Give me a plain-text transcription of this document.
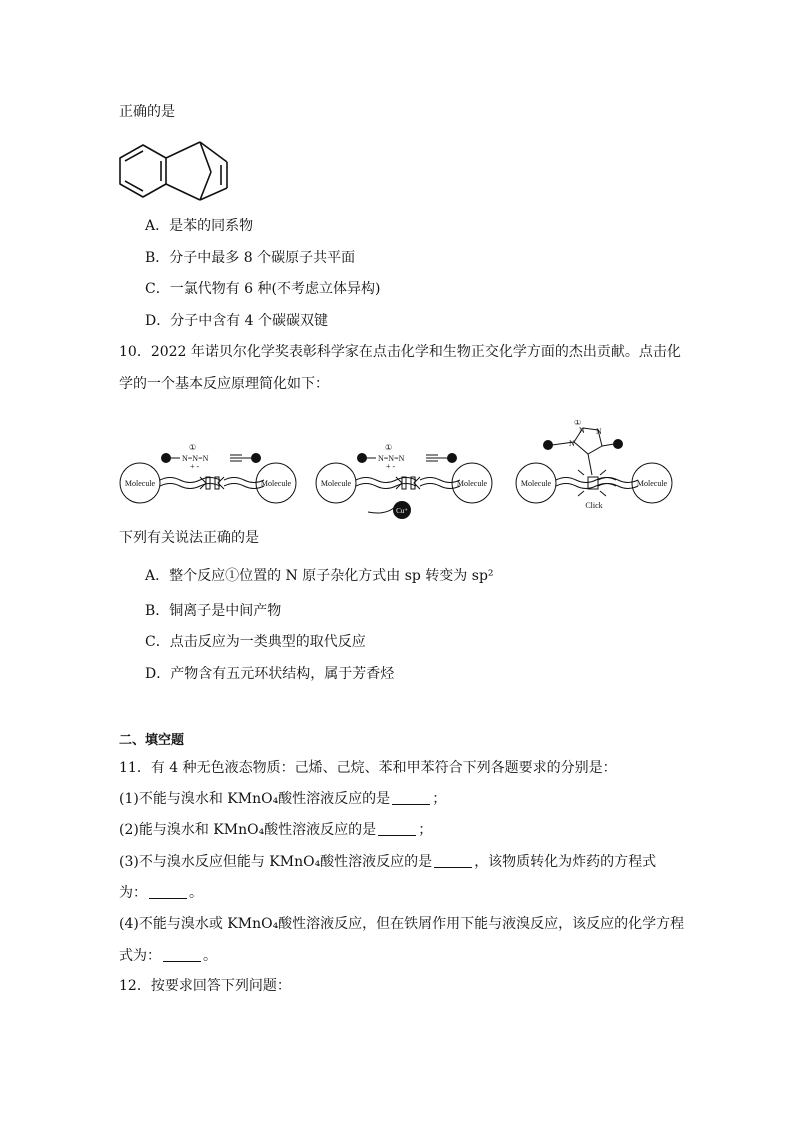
正确的是
A．是苯的同系物
B．分子中最多 8 个碳原子共平面
C．一氯代物有 6 种(不考虑立体异构)
D．分子中含有 4 个碳碳双键
10．2022 年诺贝尔化学奖表彰科学家在点击化学和生物正交化学方面的杰出贡献。点击化
学的一个基本反应原理简化如下：
Molecule	Molecule	Molecule	Molecule	Molecule	Molecule
N=N=N
+ -
①
N=N=N
+ -
①
①
N
N N
Click
Cu⁺
下列有关说法正确的是
A．整个反应①位置的 N 原子杂化方式由 sp 转变为 sp²
B．铜离子是中间产物
C．点击反应为一类典型的取代反应
D．产物含有五元环状结构，属于芳香烃
二、填空题
11．有 4 种无色液态物质：己烯、己烷、苯和甲苯符合下列各题要求的分别是：
(1)不能与溴水和 KMnO₄酸性溶液反应的是	；
(2)能与溴水和 KMnO₄酸性溶液反应的是	；
(3)不与溴水反应但能与 KMnO₄酸性溶液反应的是	，该物质转化为炸药的方程式
为：	。
(4)不能与溴水或 KMnO₄酸性溶液反应，但在铁屑作用下能与液溴反应，该反应的化学方程
式为：	。
12．按要求回答下列问题：
